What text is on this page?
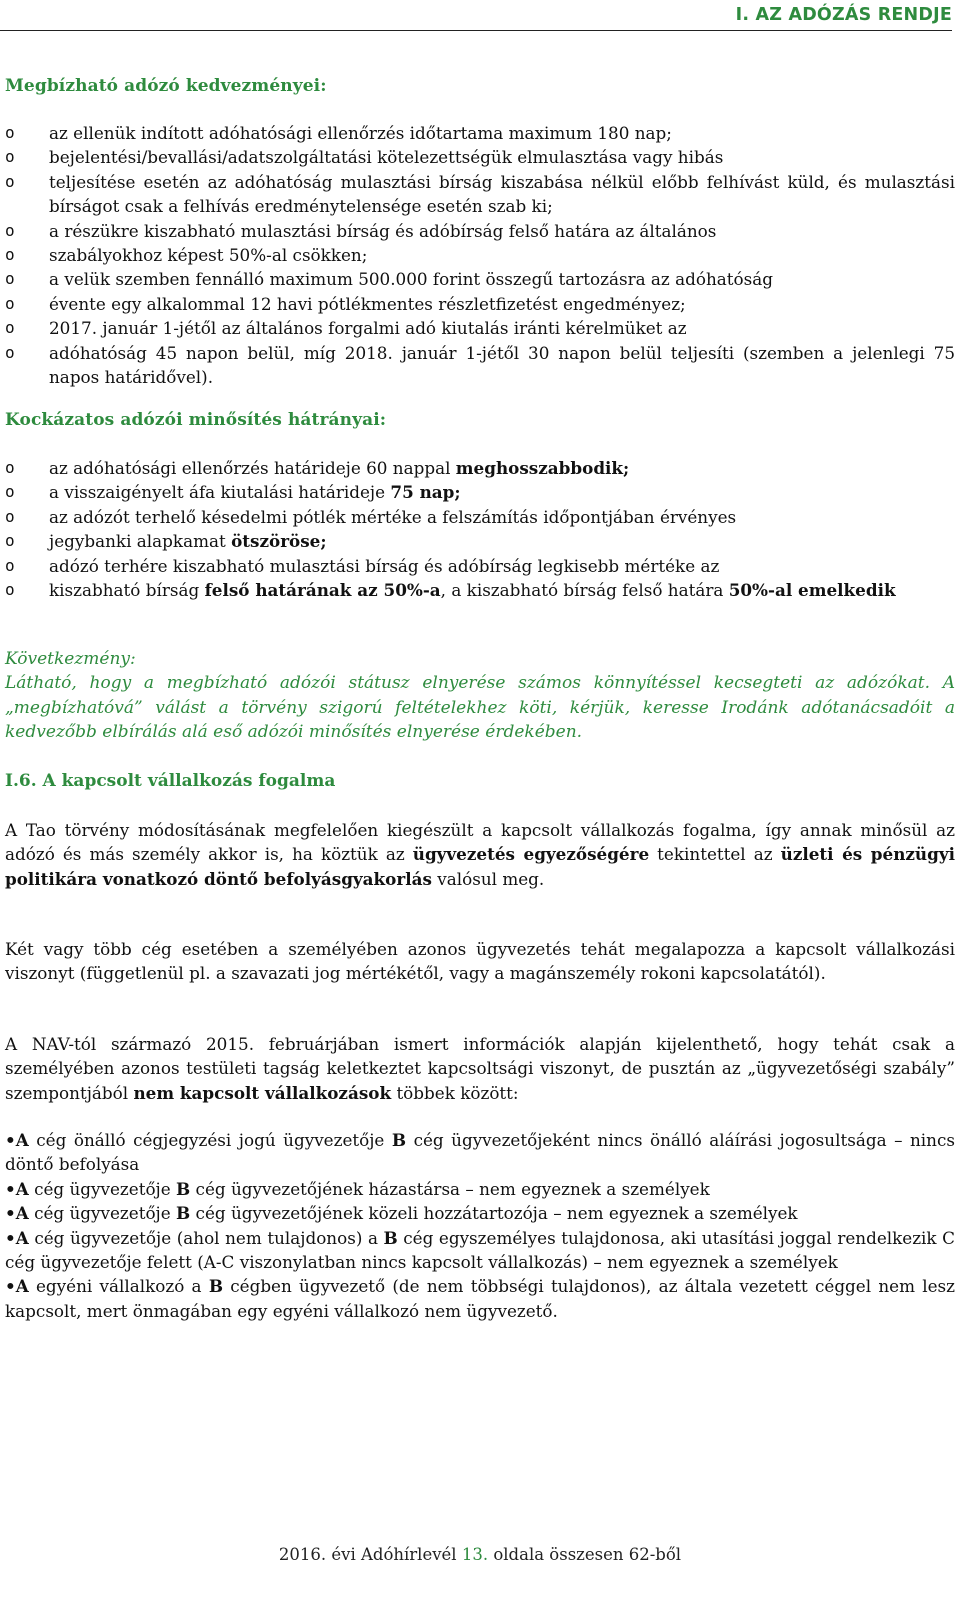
I. AZ ADÓZÁS RENDJE
Megbízható adózó kedvezményei:
o az ellenük indított adóhatósági ellenőrzés időtartama maximum 180 nap;
o bejelentési/bevallási/adatszolgáltatási kötelezettségük elmulasztása vagy hibás
o teljesítése esetén az adóhatóság mulasztási bírság kiszabása nélkül előbb felhívást küld, és mulasztási bírságot csak a felhívás eredménytelensége esetén szab ki;
o a részükre kiszabható mulasztási bírság és adóbírság felső határa az általános
o szabályokhoz képest 50%-al csökken;
o a velük szemben fennálló maximum 500.000 forint összegű tartozásra az adóhatóság
o évente egy alkalommal 12 havi pótlékmentes részletfizetést engedményez;
o 2017. január 1-jétől az általános forgalmi adó kiutalás iránti kérelmüket az
o adóhatóság 45 napon belül, míg 2018. január 1-jétől 30 napon belül teljesíti (szemben a jelenlegi 75 napos határidővel).
Kockázatos adózói minősítés hátrányai:
o az adóhatósági ellenőrzés határideje 60 nappal meghosszabbodik;
o a visszaigényelt áfa kiutalási határideje 75 nap;
o az adózót terhelő késedelmi pótlék mértéke a felszámítás időpontjában érvényes
o jegybanki alapkamat ötszöröse;
o adózó terhére kiszabható mulasztási bírság és adóbírság legkisebb mértéke az
o kiszabható bírság felső határának az 50%-a, a kiszabható bírság felső határa 50%-al emelkedik
Következmény:
Látható, hogy a megbízható adózói státusz elnyerése számos könnyítéssel kecsegteti az adózókat. A „megbízhatóvá” válást a törvény szigorú feltételekhez köti, kérjük, keresse Irodánk adótanácsadóit a kedvezőbb elbírálás alá eső adózói minősítés elnyerése érdekében.
I.6. A kapcsolt vállalkozás fogalma
A Tao törvény módosításának megfelelően kiegészült a kapcsolt vállalkozás fogalma, így annak minősül az adózó és más személy akkor is, ha köztük az ügyvezetés egyezőségére tekintettel az üzleti és pénzügyi politikára vonatkozó döntő befolyásgyakorlás valósul meg.
Két vagy több cég esetében a személyében azonos ügyvezetés tehát megalapozza a kapcsolt vállalkozási viszonyt (függetlenül pl. a szavazati jog mértékétől, vagy a magánszemély rokoni kapcsolatától).
A NAV-tól származó 2015. februárjában ismert információk alapján kijelenthető, hogy tehát csak a személyében azonos testületi tagság keletkeztet kapcsoltsági viszonyt, de pusztán az „ügyvezetőségi szabály” szempontjából nem kapcsolt vállalkozások többek között:

•A cég önálló cégjegyzési jogú ügyvezetője B cég ügyvezetőjeként nincs önálló aláírási jogosultsága – nincs döntő befolyása

•A cég ügyvezetője B cég ügyvezetőjének házastársa – nem egyeznek a személyek

•A cég ügyvezetője B cég ügyvezetőjének közeli hozzátartozója – nem egyeznek a személyek

•A cég ügyvezetője (ahol nem tulajdonos) a B cég egyszemélyes tulajdonosa, aki utasítási joggal rendelkezik C cég ügyvezetője felett (A-C viszonylatban nincs kapcsolt vállalkozás) – nem egyeznek a személyek

•A egyéni vállalkozó a B cégben ügyvezető (de nem többségi tulajdonos), az általa vezetett céggel nem lesz kapcsolt, mert önmagában egy egyéni vállalkozó nem ügyvezető.

2016. évi Adóhírlevél 13. oldala összesen 62-ből
